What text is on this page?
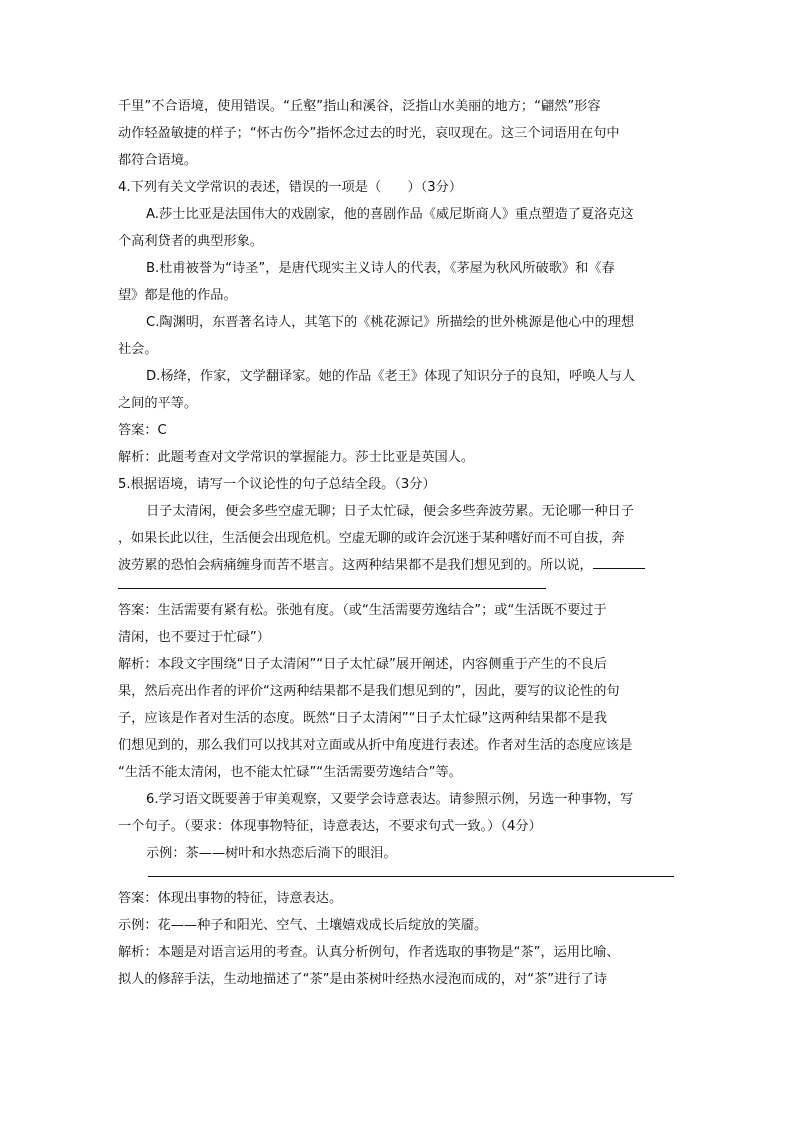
千里”不合语境，使用错误。“丘壑”指山和溪谷，泛指山水美丽的地方；“翩然”形容

动作轻盈敏捷的样子；“怀古伤今”指怀念过去的时光，哀叹现在。这三个词语用在句中

都符合语境。

4.下列有关文学常识的表述，错误的一项是（　　）（3分）

A.莎士比亚是法国伟大的戏剧家，他的喜剧作品《威尼斯商人》重点塑造了夏洛克这

个高利贷者的典型形象。

B.杜甫被誉为“诗圣”，是唐代现实主义诗人的代表，《茅屋为秋风所破歌》和《春

望》都是他的作品。

C.陶渊明，东晋著名诗人，其笔下的《桃花源记》所描绘的世外桃源是他心中的理想

社会。

D.杨绛，作家，文学翻译家。她的作品《老王》体现了知识分子的良知，呼唤人与人

之间的平等。

答案：C

解析：此题考查对文学常识的掌握能力。莎士比亚是英国人。

5.根据语境，请写一个议论性的句子总结全段。（3分）

日子太清闲，便会多些空虚无聊；日子太忙碌，便会多些奔波劳累。无论哪一种日子

，如果长此以往，生活便会出现危机。空虚无聊的或许会沉迷于某种嗜好而不可自拔，奔

波劳累的恐怕会病痛缠身而苦不堪言。这两种结果都不是我们想见到的。所以说，

答案：生活需要有紧有松。张弛有度。（或“生活需要劳逸结合”；或“生活既不要过于

清闲，也不要过于忙碌”）

解析：本段文字围绕“日子太清闲”“日子太忙碌”展开阐述，内容侧重于产生的不良后

果，然后亮出作者的评价“这两种结果都不是我们想见到的”，因此，要写的议论性的句

子，应该是作者对生活的态度。既然“日子太清闲”“日子太忙碌”这两种结果都不是我

们想见到的，那么我们可以找其对立面或从折中角度进行表述。作者对生活的态度应该是

“生活不能太清闲，也不能太忙碌”“生活需要劳逸结合”等。

6.学习语文既要善于审美观察，又要学会诗意表达。请参照示例，另选一种事物，写

一个句子。（要求：体现事物特征，诗意表达，不要求句式一致。）（4分）

示例：茶——树叶和水热恋后淌下的眼泪。

答案：体现出事物的特征，诗意表达。

示例：花——种子和阳光、空气、土壤嬉戏成长后绽放的笑靥。

解析：本题是对语言运用的考查。认真分析例句，作者选取的事物是“茶”，运用比喻、

拟人的修辞手法，生动地描述了“茶”是由茶树叶经热水浸泡而成的，对“茶”进行了诗
